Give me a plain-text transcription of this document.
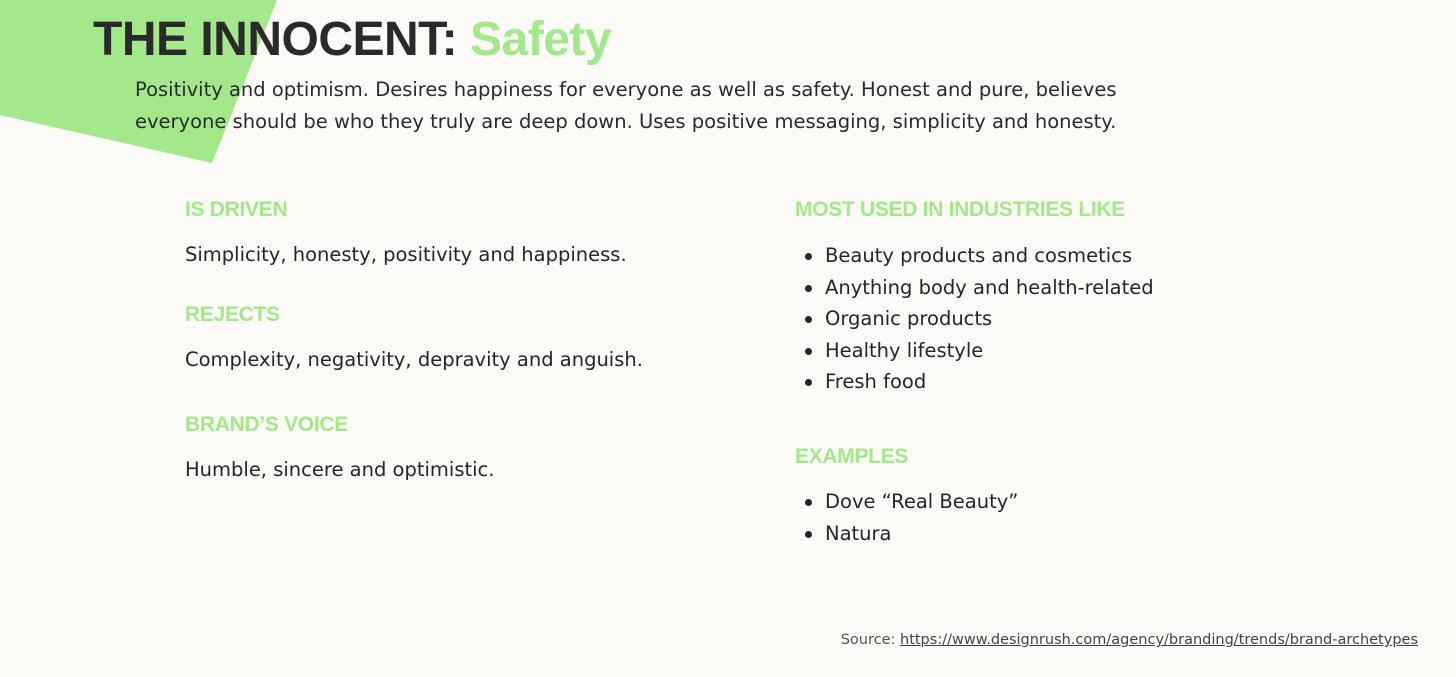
THE INNOCENT: Safety

Positivity and optimism. Desires happiness for everyone as well as safety. Honest and pure, believes everyone should be who they truly are deep down. Uses positive messaging, simplicity and honesty.

IS DRIVEN
Simplicity, honesty, positivity and happiness.
REJECTS
Complexity, negativity, depravity and anguish.
BRAND’S VOICE
Humble, sincere and optimistic.
MOST USED IN INDUSTRIES LIKE
Beauty products and cosmetics
Anything body and health-related
Organic products
Healthy lifestyle
Fresh food
EXAMPLES
Dove “Real Beauty”
Natura
Source: https://www.designrush.com/agency/branding/trends/brand-archetypes
